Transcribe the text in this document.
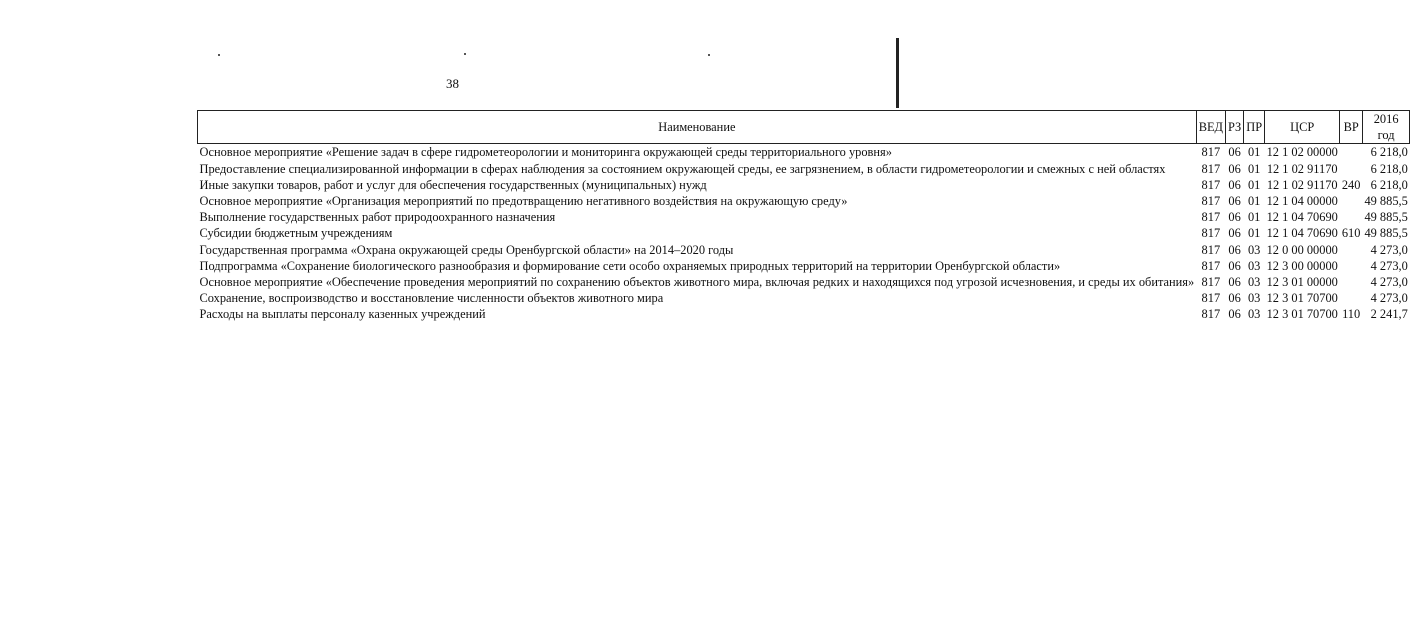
38
Наименование	ВЕД	РЗ	ПР	ЦСР	ВР	2016 год
Основное мероприятие «Решение задач в сфере гидрометеорологии и мониторинга окружающей среды территориального уровня»	817	06	01	12 1 02 00000		6 218,0
Предоставление специализированной информации в сферах наблюдения за состоянием окружающей среды, ее загрязнением, в области гидрометеорологии и смежных с ней областях	817	06	01	12 1 02 91170		6 218,0
Иные закупки товаров, работ и услуг для обеспечения государственных (муниципальных) нужд	817	06	01	12 1 02 91170	240	6 218,0
Основное мероприятие «Организация мероприятий по предотвращению негативного воздействия на окружающую среду»	817	06	01	12 1 04 00000		49 885,5
Выполнение государственных работ природоохранного назначения	817	06	01	12 1 04 70690		49 885,5
Субсидии бюджетным учреждениям	817	06	01	12 1 04 70690	610	49 885,5
Государственная программа «Охрана окружающей среды Оренбургской области» на 2014–2020 годы	817	06	03	12 0 00 00000		4 273,0
Подпрограмма «Сохранение биологического разнообразия и формирование сети особо охраняемых природных территорий на территории Оренбургской области»	817	06	03	12 3 00 00000		4 273,0
Основное мероприятие «Обеспечение проведения мероприятий по сохранению объектов животного мира, включая редких и находящихся под угрозой исчезновения, и среды их обитания»	817	06	03	12 3 01 00000		4 273,0
Сохранение, воспроизводство и восстановление численности объектов животного мира	817	06	03	12 3 01 70700		4 273,0
Расходы на выплаты персоналу казенных учреждений	817	06	03	12 3 01 70700	110	2 241,7
